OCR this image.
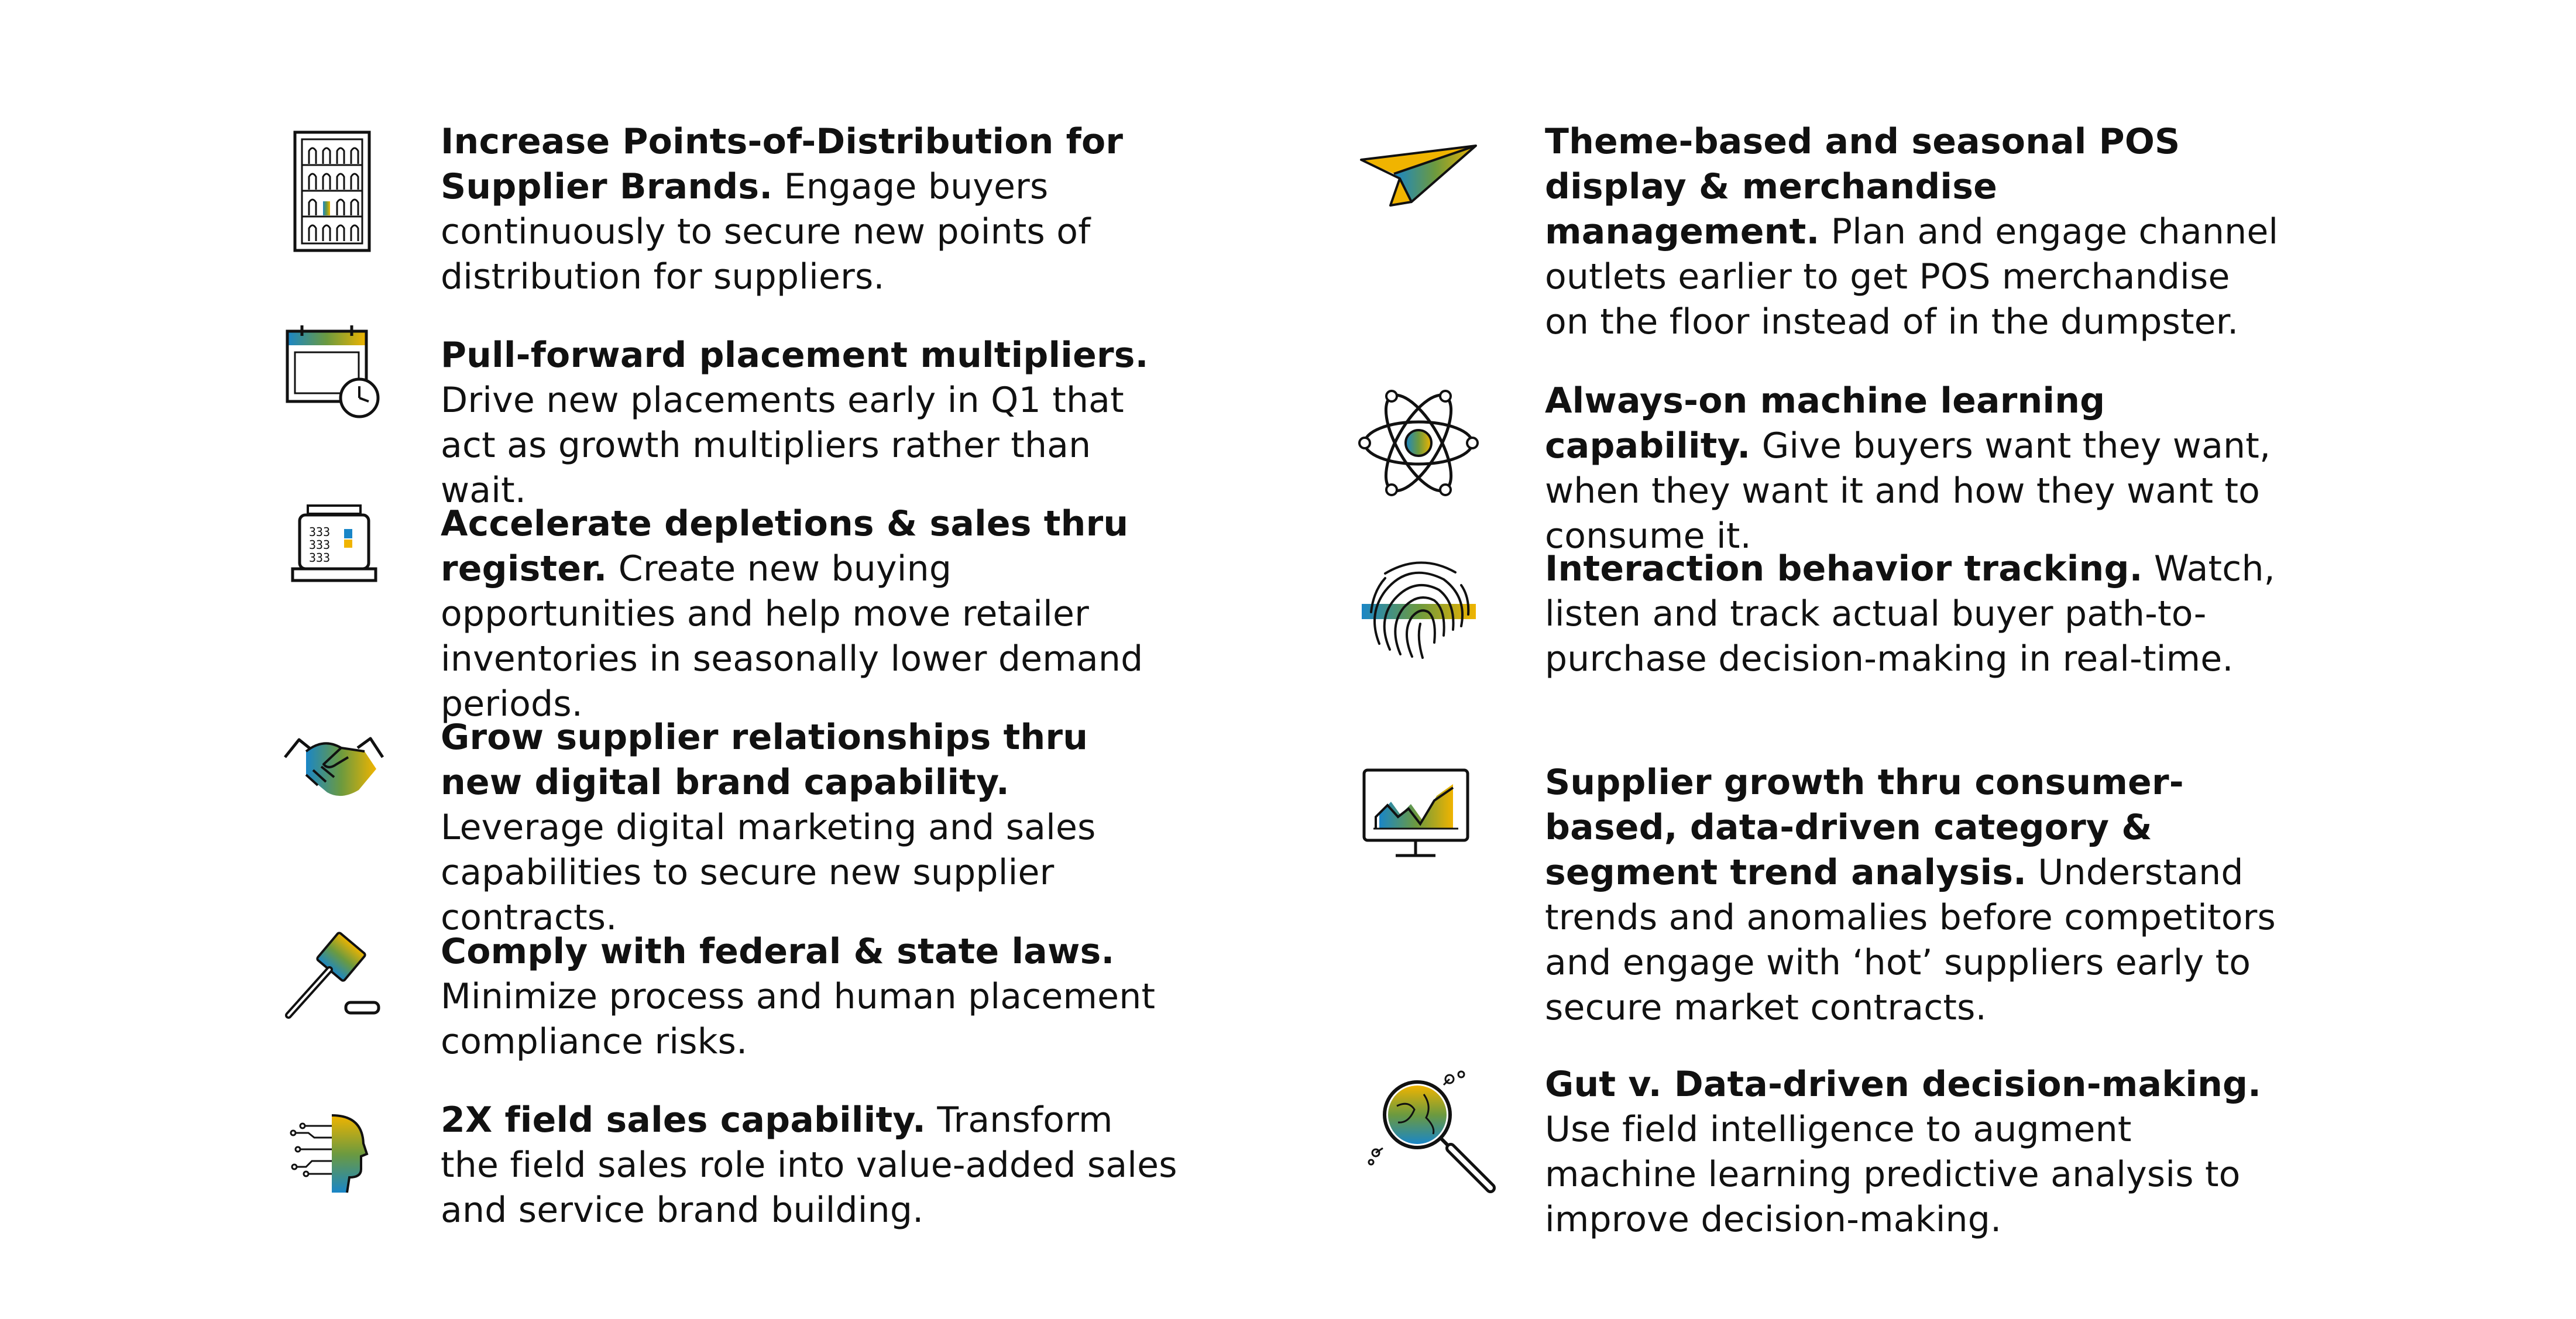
Increase Points-of-Distribution for Supplier Brands. Engage buyers continuously to secure new points of distribution for suppliers.
Pull-forward placement multipliers. Drive new placements early in Q1 that act as growth multipliers rather than wait.
333
333
333
Accelerate depletions & sales thru register. Create new buying opportunities and help move retailer inventories in seasonally lower demand periods.
Grow supplier relationships thru new digital brand capability. Leverage digital marketing and sales capabilities to secure new supplier contracts.
Comply with federal & state laws. Minimize process and human placement compliance risks.
2X field sales capability. Transform the field sales role into value-added sales and service brand building.
Theme-based and seasonal POS display & merchandise management. Plan and engage channel outlets earlier to get POS merchandise on the floor instead of in the dumpster.
Always-on machine learning capability. Give buyers want they want, when they want it and how they want to consume it.
Interaction behavior tracking. Watch, listen and track actual buyer path-to-purchase decision-making in real-time.
Supplier growth thru consumer-based, data-driven category & segment trend analysis. Understand trends and anomalies before competitors and engage with ‘hot’ suppliers early to secure market contracts.
Gut v. Data-driven decision-making. Use field intelligence to augment machine learning predictive analysis to improve decision-making.
